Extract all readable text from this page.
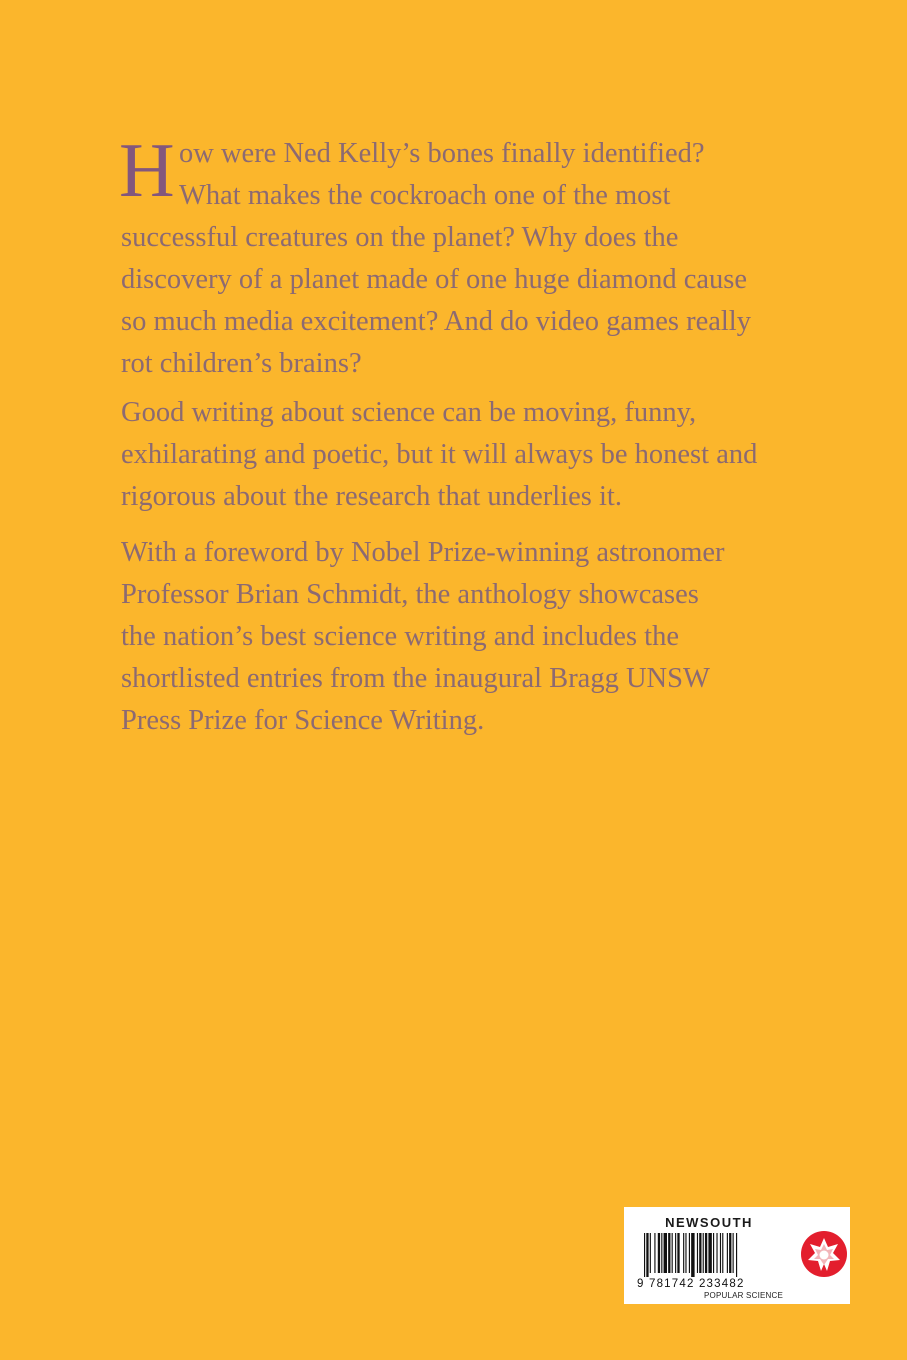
H ow were Ned Kelly’s bones finally identified?

What makes the cockroach one of the most

successful creatures on the planet? Why does the

discovery of a planet made of one huge diamond cause

so much media excitement? And do video games really

rot children’s brains?

Good writing about science can be moving, funny,

exhilarating and poetic, but it will always be honest and

rigorous about the research that underlies it.

With a foreword by Nobel Prize-winning astronomer

Professor Brian Schmidt, the anthology showcases

the nation’s best science writing and includes the

shortlisted entries from the inaugural Bragg UNSW

Press Prize for Science Writing.

NEWSOUTH
9 781742 233482
POPULAR SCIENCE
